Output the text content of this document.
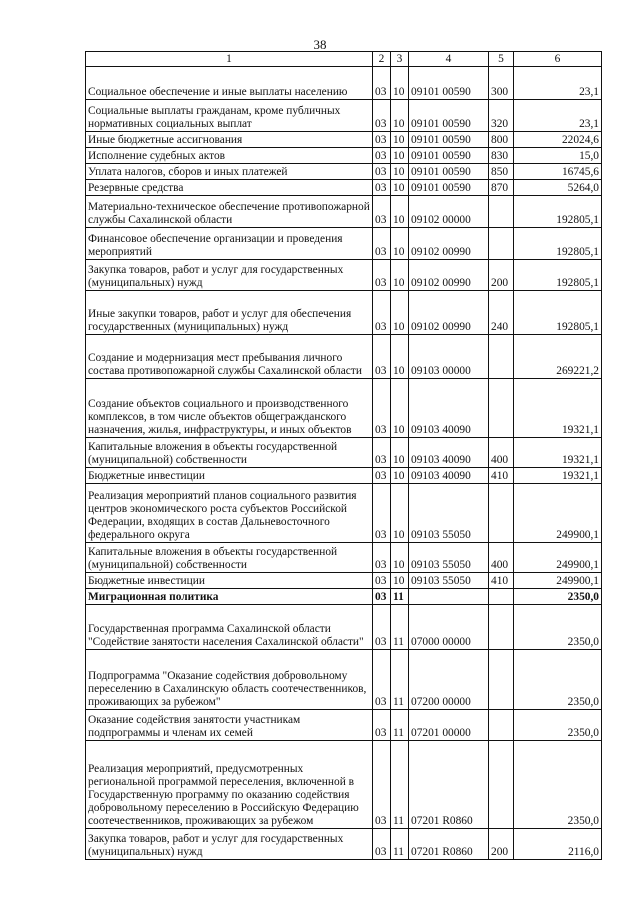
38
1	2	3	4	5	6
Социальное обеспечение и иные выплаты населению	03	10	09101 00590	300	23,1
Социальные выплаты гражданам, кроме публичных нормативных социальных выплат	03	10	09101 00590	320	23,1
Иные бюджетные ассигнования	03	10	09101 00590	800	22024,6
Исполнение судебных актов	03	10	09101 00590	830	15,0
Уплата налогов, сборов и иных платежей	03	10	09101 00590	850	16745,6
Резервные средства	03	10	09101 00590	870	5264,0
Материально-техническое обеспечение противопожарной службы Сахалинской области	03	10	09102 00000		192805,1
Финансовое обеспечение организации и проведения мероприятий	03	10	09102 00990		192805,1
Закупка товаров, работ и услуг для государственных (муниципальных) нужд	03	10	09102 00990	200	192805,1
Иные закупки товаров, работ и услуг для обеспечения государственных (муниципальных) нужд	03	10	09102 00990	240	192805,1
Создание и модернизация мест пребывания личного состава противопожарной службы Сахалинской области	03	10	09103 00000		269221,2
Создание объектов социального и производственного комплексов, в том числе объектов общегражданского назначения, жилья, инфраструктуры, и иных объектов	03	10	09103 40090		19321,1
Капитальные вложения в объекты государственной (муниципальной) собственности	03	10	09103 40090	400	19321,1
Бюджетные инвестиции	03	10	09103 40090	410	19321,1
Реализация мероприятий планов социального развития центров экономического роста субъектов Российской Федерации, входящих в состав Дальневосточного федерального округа	03	10	09103 55050		249900,1
Капитальные вложения в объекты государственной (муниципальной) собственности	03	10	09103 55050	400	249900,1
Бюджетные инвестиции	03	10	09103 55050	410	249900,1
Миграционная политика	03	11			2350,0
Государственная программа Сахалинской области "Содействие занятости населения Сахалинской области"	03	11	07000 00000		2350,0
Подпрограмма "Оказание содействия добровольному переселению в Сахалинскую область соотечественников, проживающих за рубежом"	03	11	07200 00000		2350,0
Оказание содействия занятости участникам подпрограммы и членам их семей	03	11	07201 00000		2350,0
Реализация мероприятий, предусмотренных региональной программой переселения, включенной в Государственную программу по оказанию содействия добровольному переселению в Российскую Федерацию соотечественников, проживающих за рубежом	03	11	07201 R0860		2350,0
Закупка товаров, работ и услуг для государственных (муниципальных) нужд	03	11	07201 R0860	200	2116,0
